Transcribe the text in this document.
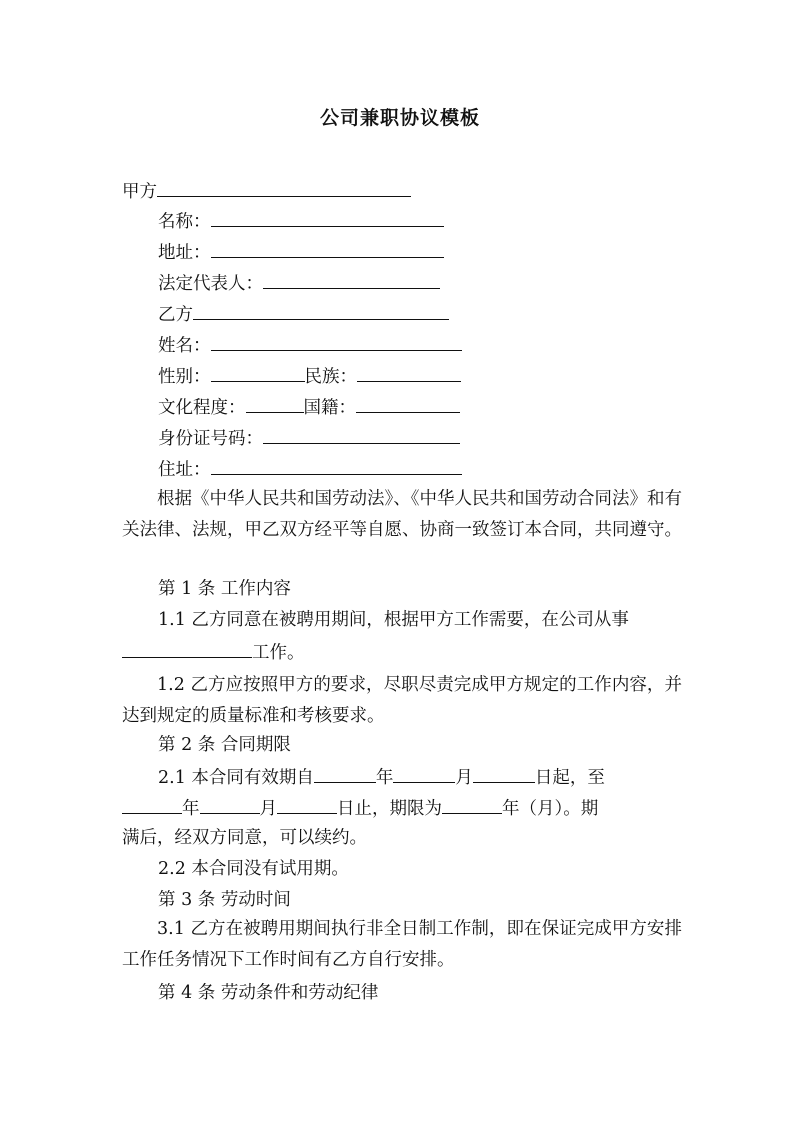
公司兼职协议模板
甲方
名称：
地址：
法定代表人：
乙方
姓名：
性别：	民族：
文化程度：	国籍：
身份证号码：
住址：
根据《中华人民共和国劳动法》、《中华人民共和国劳动合同法》和有关法律、法规，甲乙双方经平等自愿、协商一致签订本合同，共同遵守。
第 1 条 工作内容
1.1 乙方同意在被聘用期间，根据甲方工作需要，在公司从事
工作。
1.2 乙方应按照甲方的要求，尽职尽责完成甲方规定的工作内容，并达到规定的质量标准和考核要求。
第 2 条 合同期限
2.1 本合同有效期自	年	月	日起，至
年	月	日止，期限为	年（月）。期
满后，经双方同意，可以续约。
2.2 本合同没有试用期。
第 3 条 劳动时间
3.1 乙方在被聘用期间执行非全日制工作制，即在保证完成甲方安排工作任务情况下工作时间有乙方自行安排。
第 4 条 劳动条件和劳动纪律
